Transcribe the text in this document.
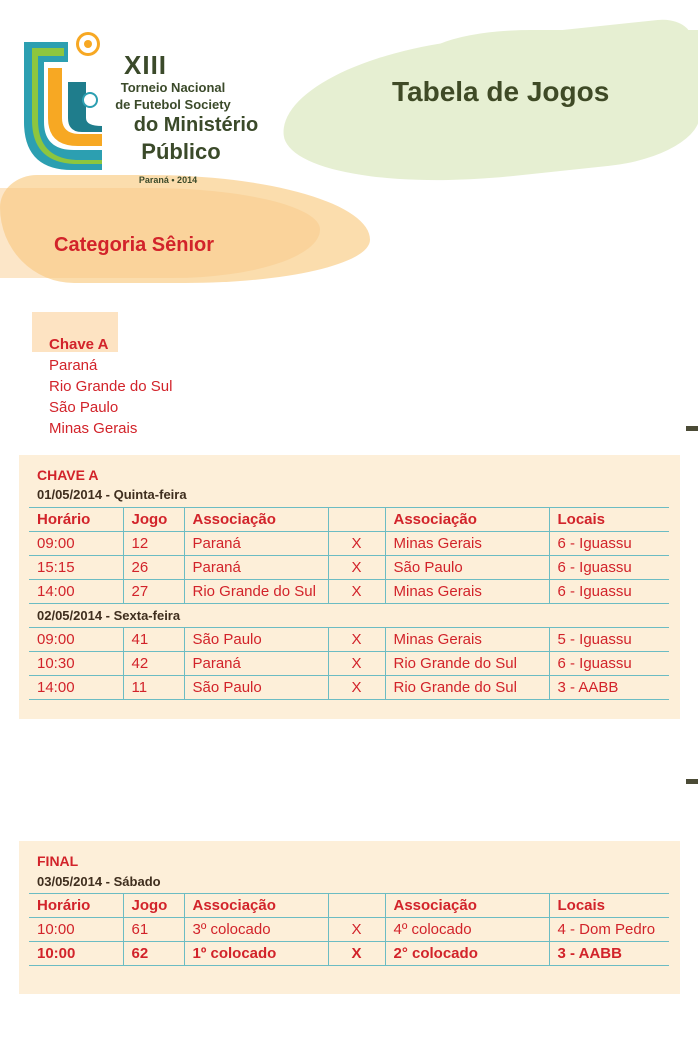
XIII
Torneio Nacional
de Futebol Society
do Ministério
Público
Paraná • 2014
Tabela de Jogos
Categoria Sênior
Chave A
Paraná
Rio Grande do Sul
São Paulo
Minas Gerais
CHAVE A
01/05/2014 - Quinta-feira
Horário	Jogo	Associação		Associação	Locais
09:00	12	Paraná	X	Minas Gerais	6 - Iguassu
15:15	26	Paraná	X	São Paulo	6 - Iguassu
14:00	27	Rio Grande do Sul	X	Minas Gerais	6 - Iguassu
02/05/2014 - Sexta-feira					
09:00	41	São Paulo	X	Minas Gerais	5 - Iguassu
10:30	42	Paraná	X	Rio Grande do Sul	6 - Iguassu
14:00	11	São Paulo	X	Rio Grande do Sul	3 - AABB
FINAL
03/05/2014 - Sábado
Horário	Jogo	Associação		Associação	Locais
10:00	61	3º colocado	X	4º colocado	4 - Dom Pedro
10:00	62	1º colocado	X	2° colocado	3 - AABB
